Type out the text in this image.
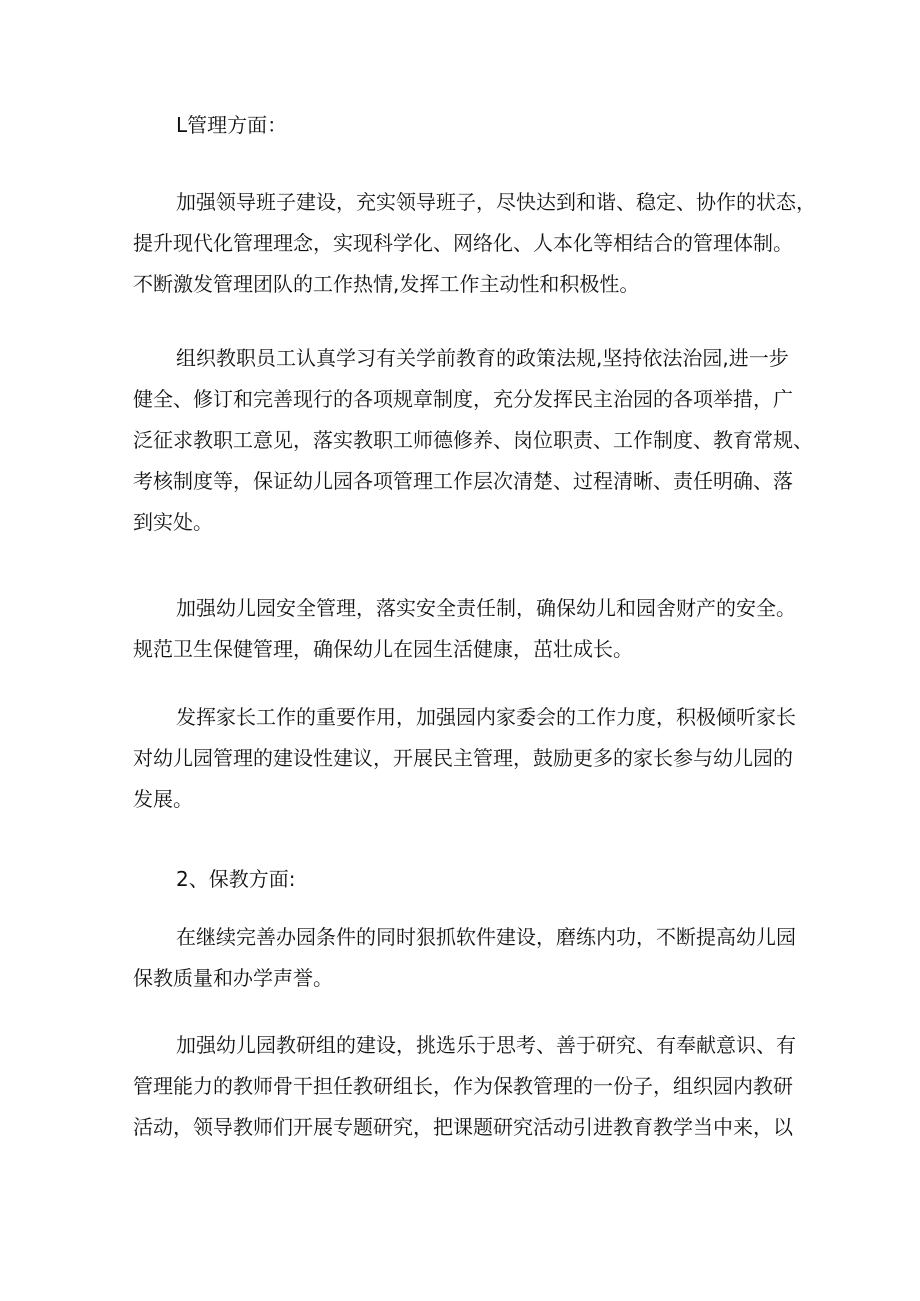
L管理方面：
加强领导班子建设，充实领导班子，尽快达到和谐、稳定、协作的状态，
提升现代化管理理念，实现科学化、网络化、人本化等相结合的管理体制。
不断激发管理团队的工作热情,发挥工作主动性和积极性。
组织教职员工认真学习有关学前教育的政策法规,坚持依法治园,进一步
健全、修订和完善现行的各项规章制度，充分发挥民主治园的各项举措，广
泛征求教职工意见，落实教职工师德修养、岗位职责、工作制度、教育常规、
考核制度等，保证幼儿园各项管理工作层次清楚、过程清晰、责任明确、落
到实处。
加强幼儿园安全管理，落实安全责任制，确保幼儿和园舍财产的安全。
规范卫生保健管理，确保幼儿在园生活健康，茁壮成长。
发挥家长工作的重要作用，加强园内家委会的工作力度，积极倾听家长
对幼儿园管理的建设性建议，开展民主管理，鼓励更多的家长参与幼儿园的
发展。
2、保教方面:
在继续完善办园条件的同时狠抓软件建设，磨练内功，不断提高幼儿园
保教质量和办学声誉。
加强幼儿园教研组的建设，挑选乐于思考、善于研究、有奉献意识、有
管理能力的教师骨干担任教研组长，作为保教管理的一份子，组织园内教研
活动，领导教师们开展专题研究，把课题研究活动引进教育教学当中来，以
